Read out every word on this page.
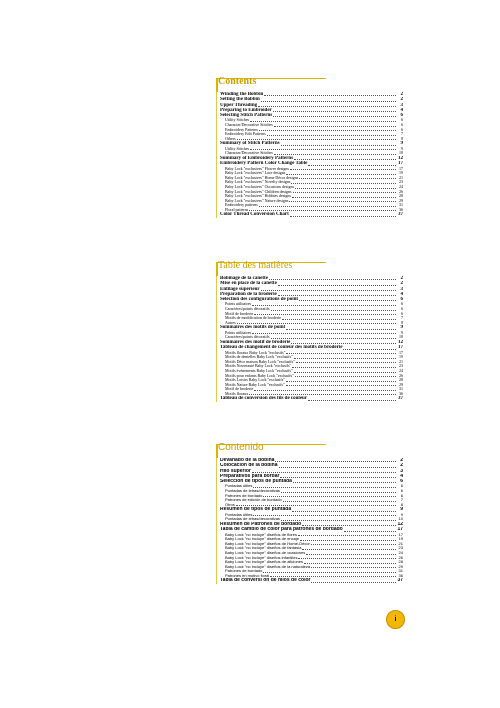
Contents
Winding the Bobbin	2
Setting the Bobbin	2
Upper Threading	3
Preparing to Embroider	4
Selecting Stitch Patterns	6
Utility Stitches	6
Character/Decorative Stitches	6
Embroidery Patterns	6
Embroidery Edit Patterns	7
Others	8
Summary of Stitch Patterns	9
Utility Stitches	9
Character/Decorative Stitches	10
Summary of Embroidery Patterns	12
Embroidery Pattern Color Change Table	17
Baby Lock "exclusives" Flower designs	17
Baby Lock "exclusives" Lace designs	19
Baby Lock "exclusives" Home Décor designs	21
Baby Lock "exclusives" Novelty designs	23
Baby Lock "exclusives" Occasions designs	24
Baby Lock "exclusives" Children designs	26
Baby Lock "exclusives" Hobbies designs	28
Baby Lock "exclusives" Nature designs	29
Embroidery patterns	31
Floral patterns	36
Color Thread Conversion Chart	37
Table des matières
Bobinage de la canette	2
Mise en place de la canette	2
Enfilage supérieur	3
Préparation de la broderie	4
Sélection des configurations de point	6
Points utilitaires	6
Caractères/points décoratifs	6
Motif de broderie	6
Motifs de modification de broderie	7
Autres	8
Sommaires des motifs de point	9
Points utilitaires	9
Caractères/points décoratifs	10
Sommaires des motif de broderie	12
Tableau de changement de couleur des motifs de broderie	17
Motifs floraux Baby Lock "exclusifs"	17
Motifs de dentelles Baby Lock "exclusifs"	19
Motifs Déco maison Baby Lock "exclusifs"	21
Motifs Nouveauté Baby Lock "exclusifs"	23
Motifs événements Baby Lock "exclusifs"	24
Motifs pour enfants Baby Lock "exclusifs"	26
Motifs Loisirs Baby Lock "exclusifs"	28
Motifs Nature Baby Lock "exclusifs"	29
Motif de broderie	31
Motifs floraux	36
Tableau de conversion des fils de couleur	37
Contenido
Devanado de la bobina	2
Colocación de la bobina	2
Hilo superior	3
Preparativos para bordar	4
Selección de tipos de puntada	6
Puntadas útiles	6
Puntadas de letras/decorativas	6
Patrones de bordado	6
Patrones de edición de bordado	7
Otros	8
Resumen de tipos de puntada	9
Puntadas útiles	9
Puntadas de letras/decorativas	10
Resumen de Patrones de bordado	12
Tabla de cambio de color para patrones de bordado	17
Baby Lock "no incluye" diseños de flores	17
Baby Lock "no incluye" diseños de encaje	19
Baby Lock "no incluye" diseños de Home-Décor	21
Baby Lock "no incluye" diseños de fantasía	23
Baby Lock "no incluye" diseños de ocasiones	24
Baby Lock "no incluye" diseños infantiles	26
Baby Lock "no incluye" diseños de aficiones	28
Baby Lock "no incluye" diseños de la naturaleza	29
Patrones de bordado	31
Patrones en motivo floral	36
Tabla de conversi ón de hilos de color	37
i
